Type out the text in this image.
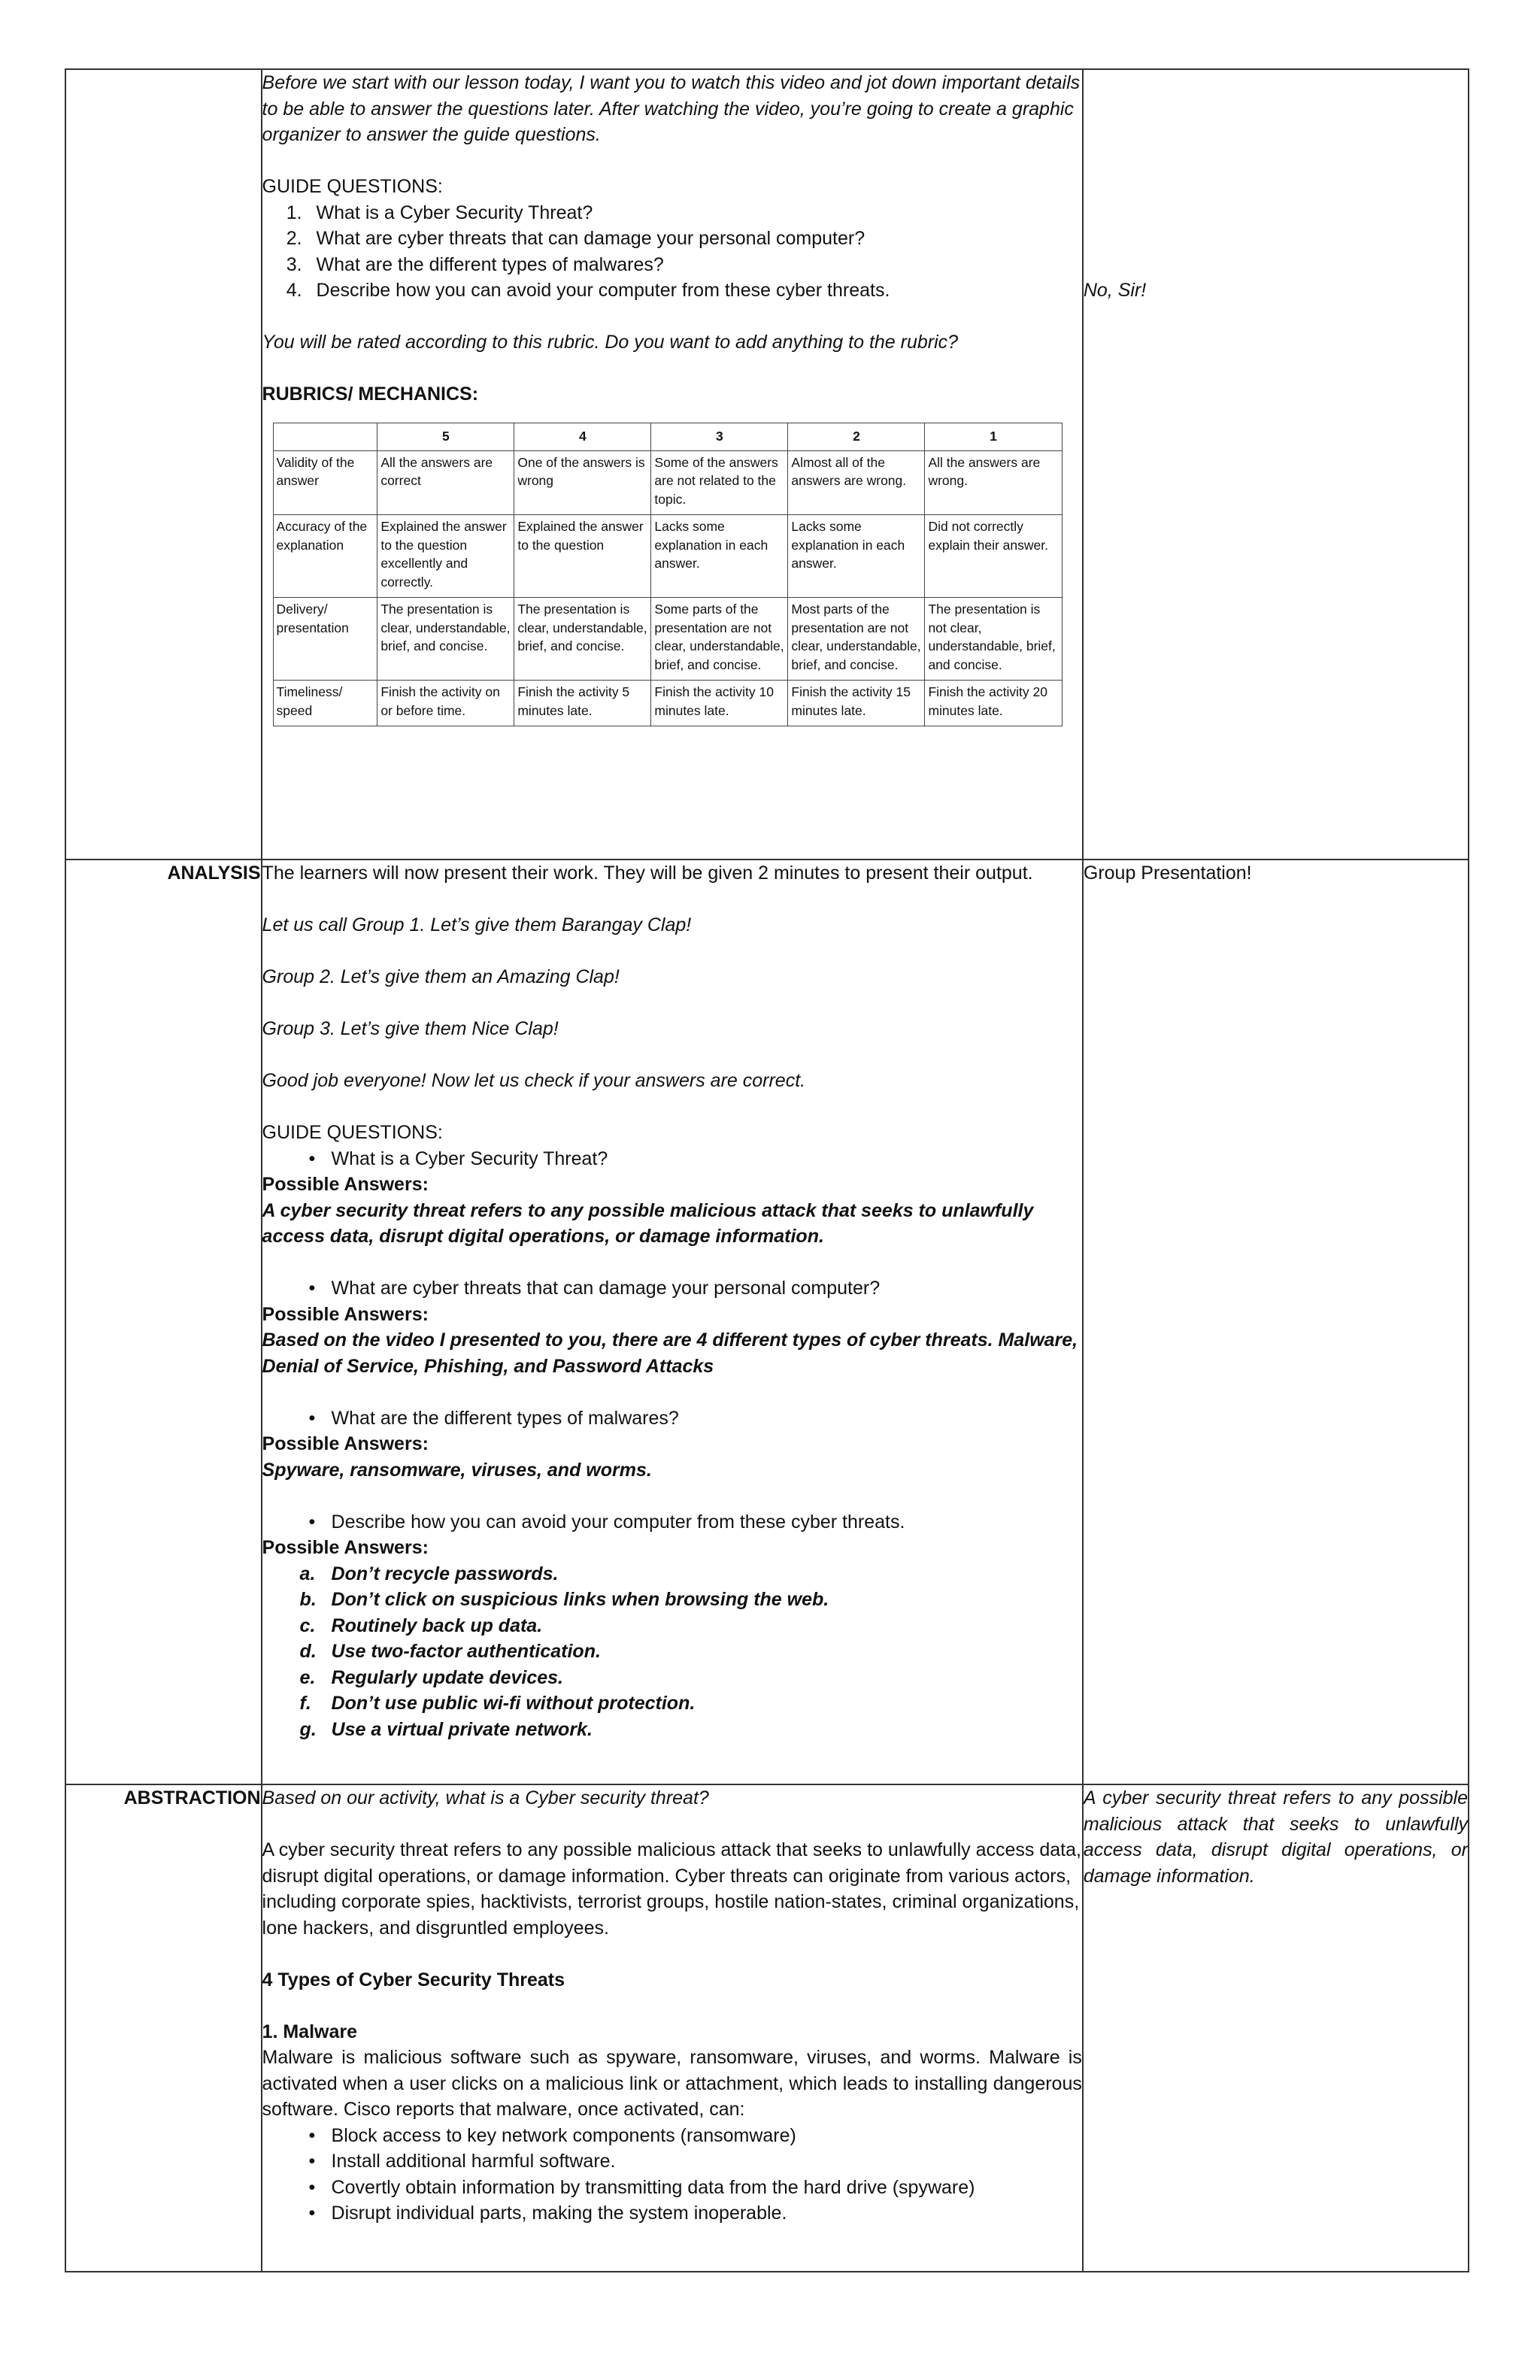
Before we start with our lesson today, I want you to watch this video and jot down important details to be able to answer the questions later. After watching the video, you’re going to create a graphic organizer to answer the guide questions.
GUIDE QUESTIONS:
1. What is a Cyber Security Threat?
2. What are cyber threats that can damage your personal computer?
3. What are the different types of malwares?
4. Describe how you can avoid your computer from these cyber threats.
You will be rated according to this rubric. Do you want to add anything to the rubric?
RUBRICS/ MECHANICS:
	5	4	3	2	1
Validity of the answer	All the answers are correct	One of the answers is wrong	Some of the answers are not related to the topic.	Almost all of the answers are wrong.	All the answers are wrong.
Accuracy of the explanation	Explained the answer to the question excellently and correctly.	Explained the answer to the question	Lacks some explanation in each answer.	Lacks some explanation in each answer.	Did not correctly explain their answer.
Delivery/ presentation	The presentation is clear, understandable, brief, and concise.	The presentation is clear, understandable, brief, and concise.	Some parts of the presentation are not clear, understandable, brief, and concise.	Most parts of the presentation are not clear, understandable, brief, and concise.	The presentation is not clear, understandable, brief, and concise.
Timeliness/ speed	Finish the activity on or before time.	Finish the activity 5 minutes late.	Finish the activity 10 minutes late.	Finish the activity 15 minutes late.	Finish the activity 20 minutes late.

No, Sir!

ANALYSIS	The learners will now present their work. They will be given 2 minutes to present their output.
Let us call Group 1. Let’s give them Barangay Clap!
Group 2. Let’s give them an Amazing Clap!
Group 3. Let’s give them Nice Clap!
Good job everyone! Now let us check if your answers are correct.
GUIDE QUESTIONS:
• What is a Cyber Security Threat?
Possible Answers:
A cyber security threat refers to any possible malicious attack that seeks to unlawfully access data, disrupt digital operations, or damage information.
• What are cyber threats that can damage your personal computer?
Possible Answers:
Based on the video I presented to you, there are 4 different types of cyber threats. Malware, Denial of Service, Phishing, and Password Attacks
• What are the different types of malwares?
Possible Answers:
Spyware, ransomware, viruses, and worms.
• Describe how you can avoid your computer from these cyber threats.
Possible Answers:
a. Don’t recycle passwords.
b. Don’t click on suspicious links when browsing the web.
c. Routinely back up data.
d. Use two-factor authentication.
e. Regularly update devices.
f. Don’t use public wi-fi without protection.
g. Use a virtual private network.

Group Presentation!

ABSTRACTION	Based on our activity, what is a Cyber security threat?
A cyber security threat refers to any possible malicious attack that seeks to unlawfully access data, disrupt digital operations, or damage information. Cyber threats can originate from various actors, including corporate spies, hacktivists, terrorist groups, hostile nation-states, criminal organizations, lone hackers, and disgruntled employees.
4 Types of Cyber Security Threats
1. Malware
Malware is malicious software such as spyware, ransomware, viruses, and worms. Malware is activated when a user clicks on a malicious link or attachment, which leads to installing dangerous software. Cisco reports that malware, once activated, can:
• Block access to key network components (ransomware)
• Install additional harmful software.
• Covertly obtain information by transmitting data from the hard drive (spyware)
• Disrupt individual parts, making the system inoperable.

A cyber security threat refers to any possible malicious attack that seeks to unlawfully access data, disrupt digital operations, or damage information.
